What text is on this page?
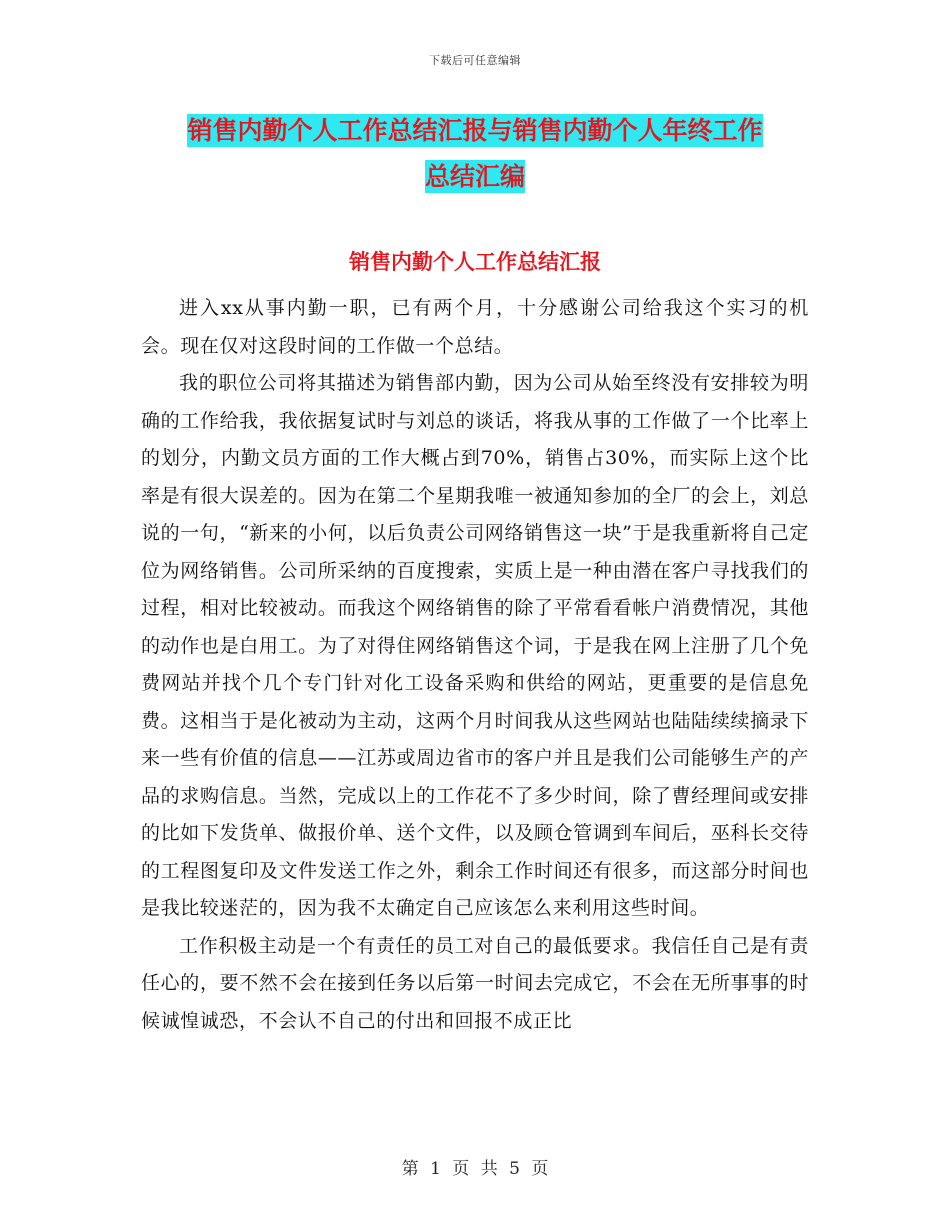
下载后可任意编辑
销售内勤个人工作总结汇报与销售内勤个人年终工作
总结汇编
销售内勤个人工作总结汇报

进入xx从事内勤一职，已有两个月，十分感谢公司给我这个实习的机会。现在仅对这段时间的工作做一个总结。

我的职位公司将其描述为销售部内勤，因为公司从始至终没有安排较为明确的工作给我，我依据复试时与刘总的谈话，将我从事的工作做了一个比率上的划分，内勤文员方面的工作大概占到70%，销售占30%，而实际上这个比率是有很大误差的。因为在第二个星期我唯一被通知参加的全厂的会上，刘总说的一句，“新来的小何，以后负责公司网络销售这一块”于是我重新将自己定位为网络销售。公司所采纳的百度搜索，实质上是一种由潜在客户寻找我们的过程，相对比较被动。而我这个网络销售的除了平常看看帐户消费情况，其他的动作也是白用工。为了对得住网络销售这个词，于是我在网上注册了几个免费网站并找个几个专门针对化工设备采购和供给的网站，更重要的是信息免费。这相当于是化被动为主动，这两个月时间我从这些网站也陆陆续续摘录下来一些有价值的信息——江苏或周边省市的客户并且是我们公司能够生产的产品的求购信息。当然，完成以上的工作花不了多少时间，除了曹经理间或安排的比如下发货单、做报价单、送个文件，以及顾仓管调到车间后，巫科长交待的工程图复印及文件发送工作之外，剩余工作时间还有很多，而这部分时间也是我比较迷茫的，因为我不太确定自己应该怎么来利用这些时间。

工作积极主动是一个有责任的员工对自己的最低要求。我信任自己是有责任心的，要不然不会在接到任务以后第一时间去完成它，不会在无所事事的时候诚惶诚恐，不会认不自己的付出和回报不成正比

第 1 页 共 5 页
